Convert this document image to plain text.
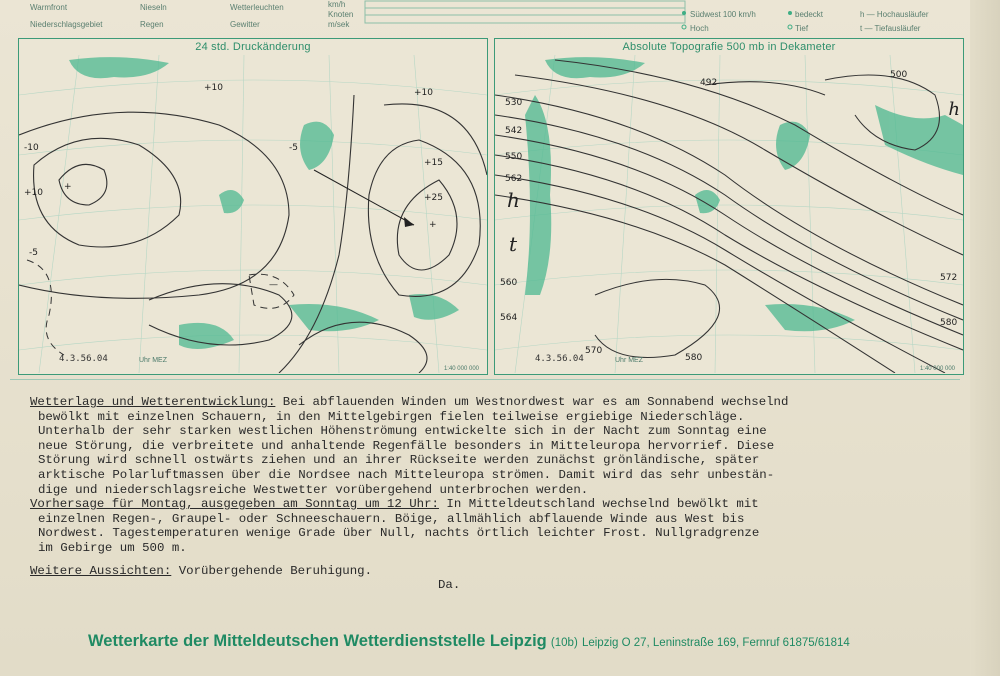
Warmfront
Niederschlagsgebiet
Nieseln
Regen
Wetterleuchten
Gewitter
km/h
Knoten
m/sek
Südwest 100 km/h
Hoch
bedeckt
Tief
h — Hochausläufer
t — Tiefausläufer
24 std. Druckänderung
+
+
—
-10
+10
+10	+10
+15
+25
-5
-5
4.3.56.04	Uhr MEZ
1:40 000 000
Absolute Topografie 500 mb in Dekameter
530
542
550
562
492
500
560
564
572
580
570
580
h
t
h
4.3.56.04	Uhr MEZ
1:40 000 000
Wetterlage und Wetterentwicklung: Bei abflauenden Winden um Westnordwest war es am Sonnabend wechselnd
bewölkt mit einzelnen Schauern, in den Mittelgebirgen fielen teilweise ergiebige Niederschläge.
Unterhalb der sehr starken westlichen Höhenströmung entwickelte sich in der Nacht zum Sonntag eine
neue Störung, die verbreitete und anhaltende Regenfälle besonders in Mitteleuropa hervorrief. Diese
Störung wird schnell ostwärts ziehen und an ihrer Rückseite werden zunächst grönländische, später
arktische Polarluftmassen über die Nordsee nach Mitteleuropa strömen. Damit wird das sehr unbestän-
dige und niederschlagsreiche Westwetter vorübergehend unterbrochen werden.
Vorhersage für Montag, ausgegeben am Sonntag um 12 Uhr: In Mitteldeutschland wechselnd bewölkt mit
einzelnen Regen-, Graupel- oder Schneeschauern. Böige, allmählich abflauende Winde aus West bis
Nordwest. Tagestemperaturen wenige Grade über Null, nachts örtlich leichter Frost. Nullgradgrenze
im Gebirge um 500 m.
Weitere Aussichten: Vorübergehende Beruhigung.
Da.
Wetterkarte der Mitteldeutschen Wetterdienststelle Leipzig (10b) Leipzig O 27, Leninstraße 169, Fernruf 61875/61814
